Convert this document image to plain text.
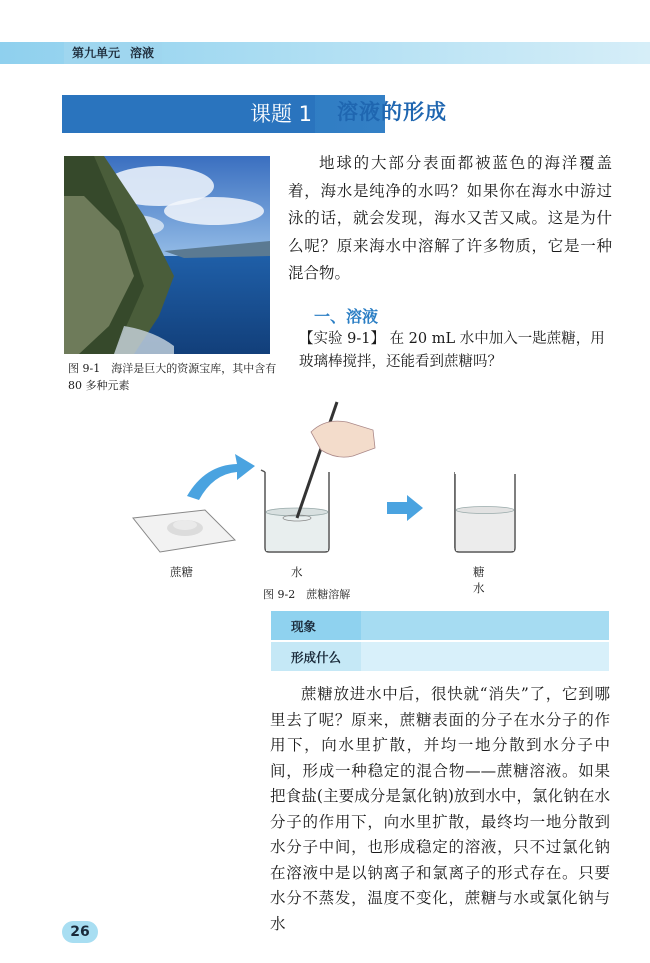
第九单元 溶液
课题 1 溶液的形成
图 9-1　海洋是巨大的资源宝库，其中含有 80 多种元素

地球的大部分表面都被蓝色的海洋覆盖着，海水是纯净的水吗？如果你在海水中游过泳的话，就会发现，海水又苦又咸。这是为什么呢？原来海水中溶解了许多物质，它是一种混合物。

一、溶液
【实验 9-1】 在 20 mL 水中加入一匙蔗糖，用玻璃棒搅拌，还能看到蔗糖吗？
蔗糖	水	糖水
图 9-2　蔗糖溶解
现象
形成什么

蔗糖放进水中后，很快就“消失”了，它到哪里去了呢？原来，蔗糖表面的分子在水分子的作用下，向水里扩散，并均一地分散到水分子中间，形成一种稳定的混合物——蔗糖溶液。如果把食盐(主要成分是氯化钠)放到水中，氯化钠在水分子的作用下，向水里扩散，最终均一地分散到水分子中间，也形成稳定的溶液，只不过氯化钠在溶液中是以钠离子和氯离子的形式存在。只要水分不蒸发，温度不变化，蔗糖与水或氯化钠与水

26
